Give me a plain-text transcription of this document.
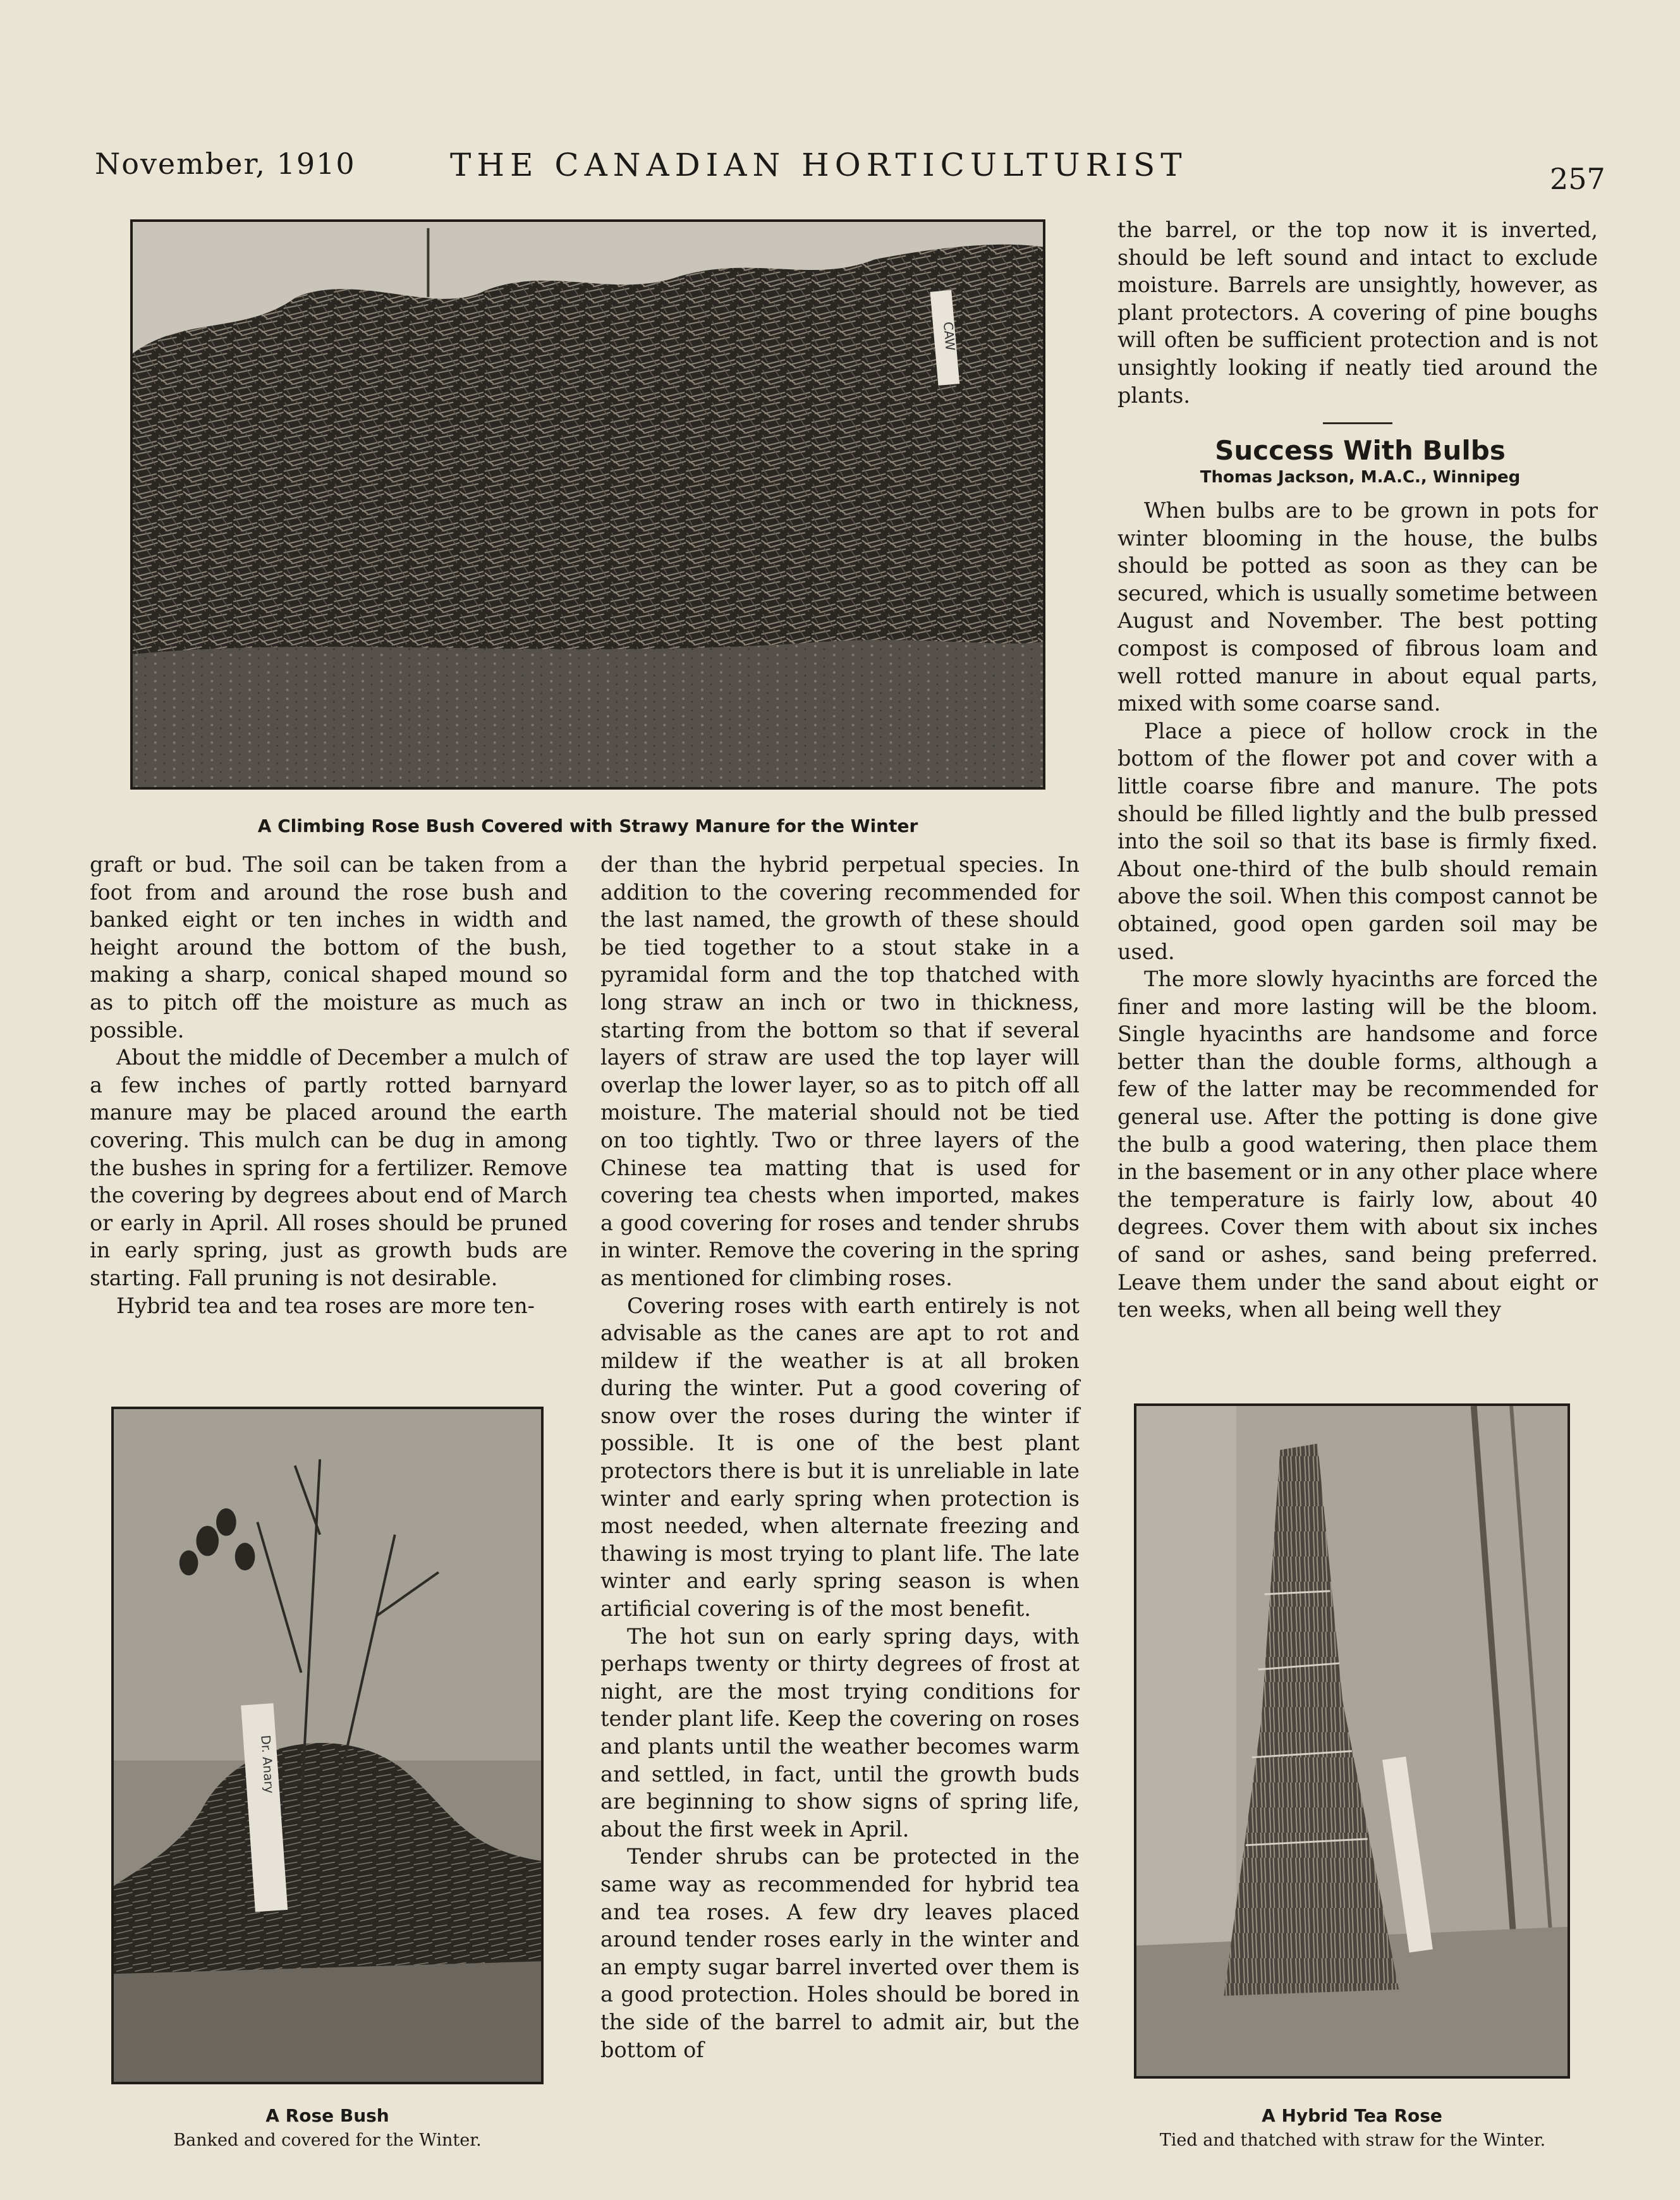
November, 1910	THE CANADIAN HORTICULTURIST	257
CAW
A Climbing Rose Bush Covered with Strawy Manure for the Winter

graft or bud. The soil can be taken from a foot from and around the rose bush and banked eight or ten inches in width and height around the bottom of the bush, making a sharp, conical shaped mound so as to pitch off the moisture as much as possible.

About the middle of December a mulch of a few inches of partly rotted barnyard manure may be placed around the earth covering. This mulch can be dug in among the bushes in spring for a fertilizer. Remove the covering by degrees about end of March or early in April. All roses should be pruned in early spring, just as growth buds are starting. Fall pruning is not desirable.

Hybrid tea and tea roses are more ten-

Dr. Anary
A Rose Bush
Banked and covered for the Winter.

der than the hybrid perpetual species. In addition to the covering recommended for the last named, the growth of these should be tied together to a stout stake in a pyramidal form and the top thatched with long straw an inch or two in thickness, starting from the bottom so that if several layers of straw are used the top layer will overlap the lower layer, so as to pitch off all moisture. The material should not be tied on too tightly. Two or three layers of the Chinese tea matting that is used for covering tea chests when imported, makes a good covering for roses and tender shrubs in winter. Remove the covering in the spring as mentioned for climbing roses.

Covering roses with earth entirely is not advisable as the canes are apt to rot and mildew if the weather is at all broken during the winter. Put a good covering of snow over the roses during the winter if possible. It is one of the best plant protectors there is but it is unreliable in late winter and early spring when protection is most needed, when alternate freezing and thawing is most trying to plant life. The late winter and early spring season is when artificial covering is of the most benefit.

The hot sun on early spring days, with perhaps twenty or thirty degrees of frost at night, are the most trying conditions for tender plant life. Keep the covering on roses and plants until the weather becomes warm and settled, in fact, until the growth buds are beginning to show signs of spring life, about the first week in April.

Tender shrubs can be protected in the same way as recommended for hybrid tea and tea roses. A few dry leaves placed around tender roses early in the winter and an empty sugar barrel inverted over them is a good protection. Holes should be bored in the side of the barrel to admit air, but the bottom of

the barrel, or the top now it is inverted, should be left sound and intact to exclude moisture. Barrels are unsightly, however, as plant protectors. A covering of pine boughs will often be sufficient protection and is not unsightly looking if neatly tied around the plants.

Success With Bulbs
Thomas Jackson, M.A.C., Winnipeg

When bulbs are to be grown in pots for winter blooming in the house, the bulbs should be potted as soon as they can be secured, which is usually sometime between August and November. The best potting compost is composed of fibrous loam and well rotted manure in about equal parts, mixed with some coarse sand.

Place a piece of hollow crock in the bottom of the flower pot and cover with a little coarse fibre and manure. The pots should be filled lightly and the bulb pressed into the soil so that its base is firmly fixed. About one-third of the bulb should remain above the soil. When this compost cannot be obtained, good open garden soil may be used.

The more slowly hyacinths are forced the finer and more lasting will be the bloom. Single hyacinths are handsome and force better than the double forms, although a few of the latter may be recommended for general use. After the potting is done give the bulb a good watering, then place them in the basement or in any other place where the temperature is fairly low, about 40 degrees. Cover them with about six inches of sand or ashes, sand being preferred. Leave them under the sand about eight or ten weeks, when all being well they

A Hybrid Tea Rose
Tied and thatched with straw for the Winter.
